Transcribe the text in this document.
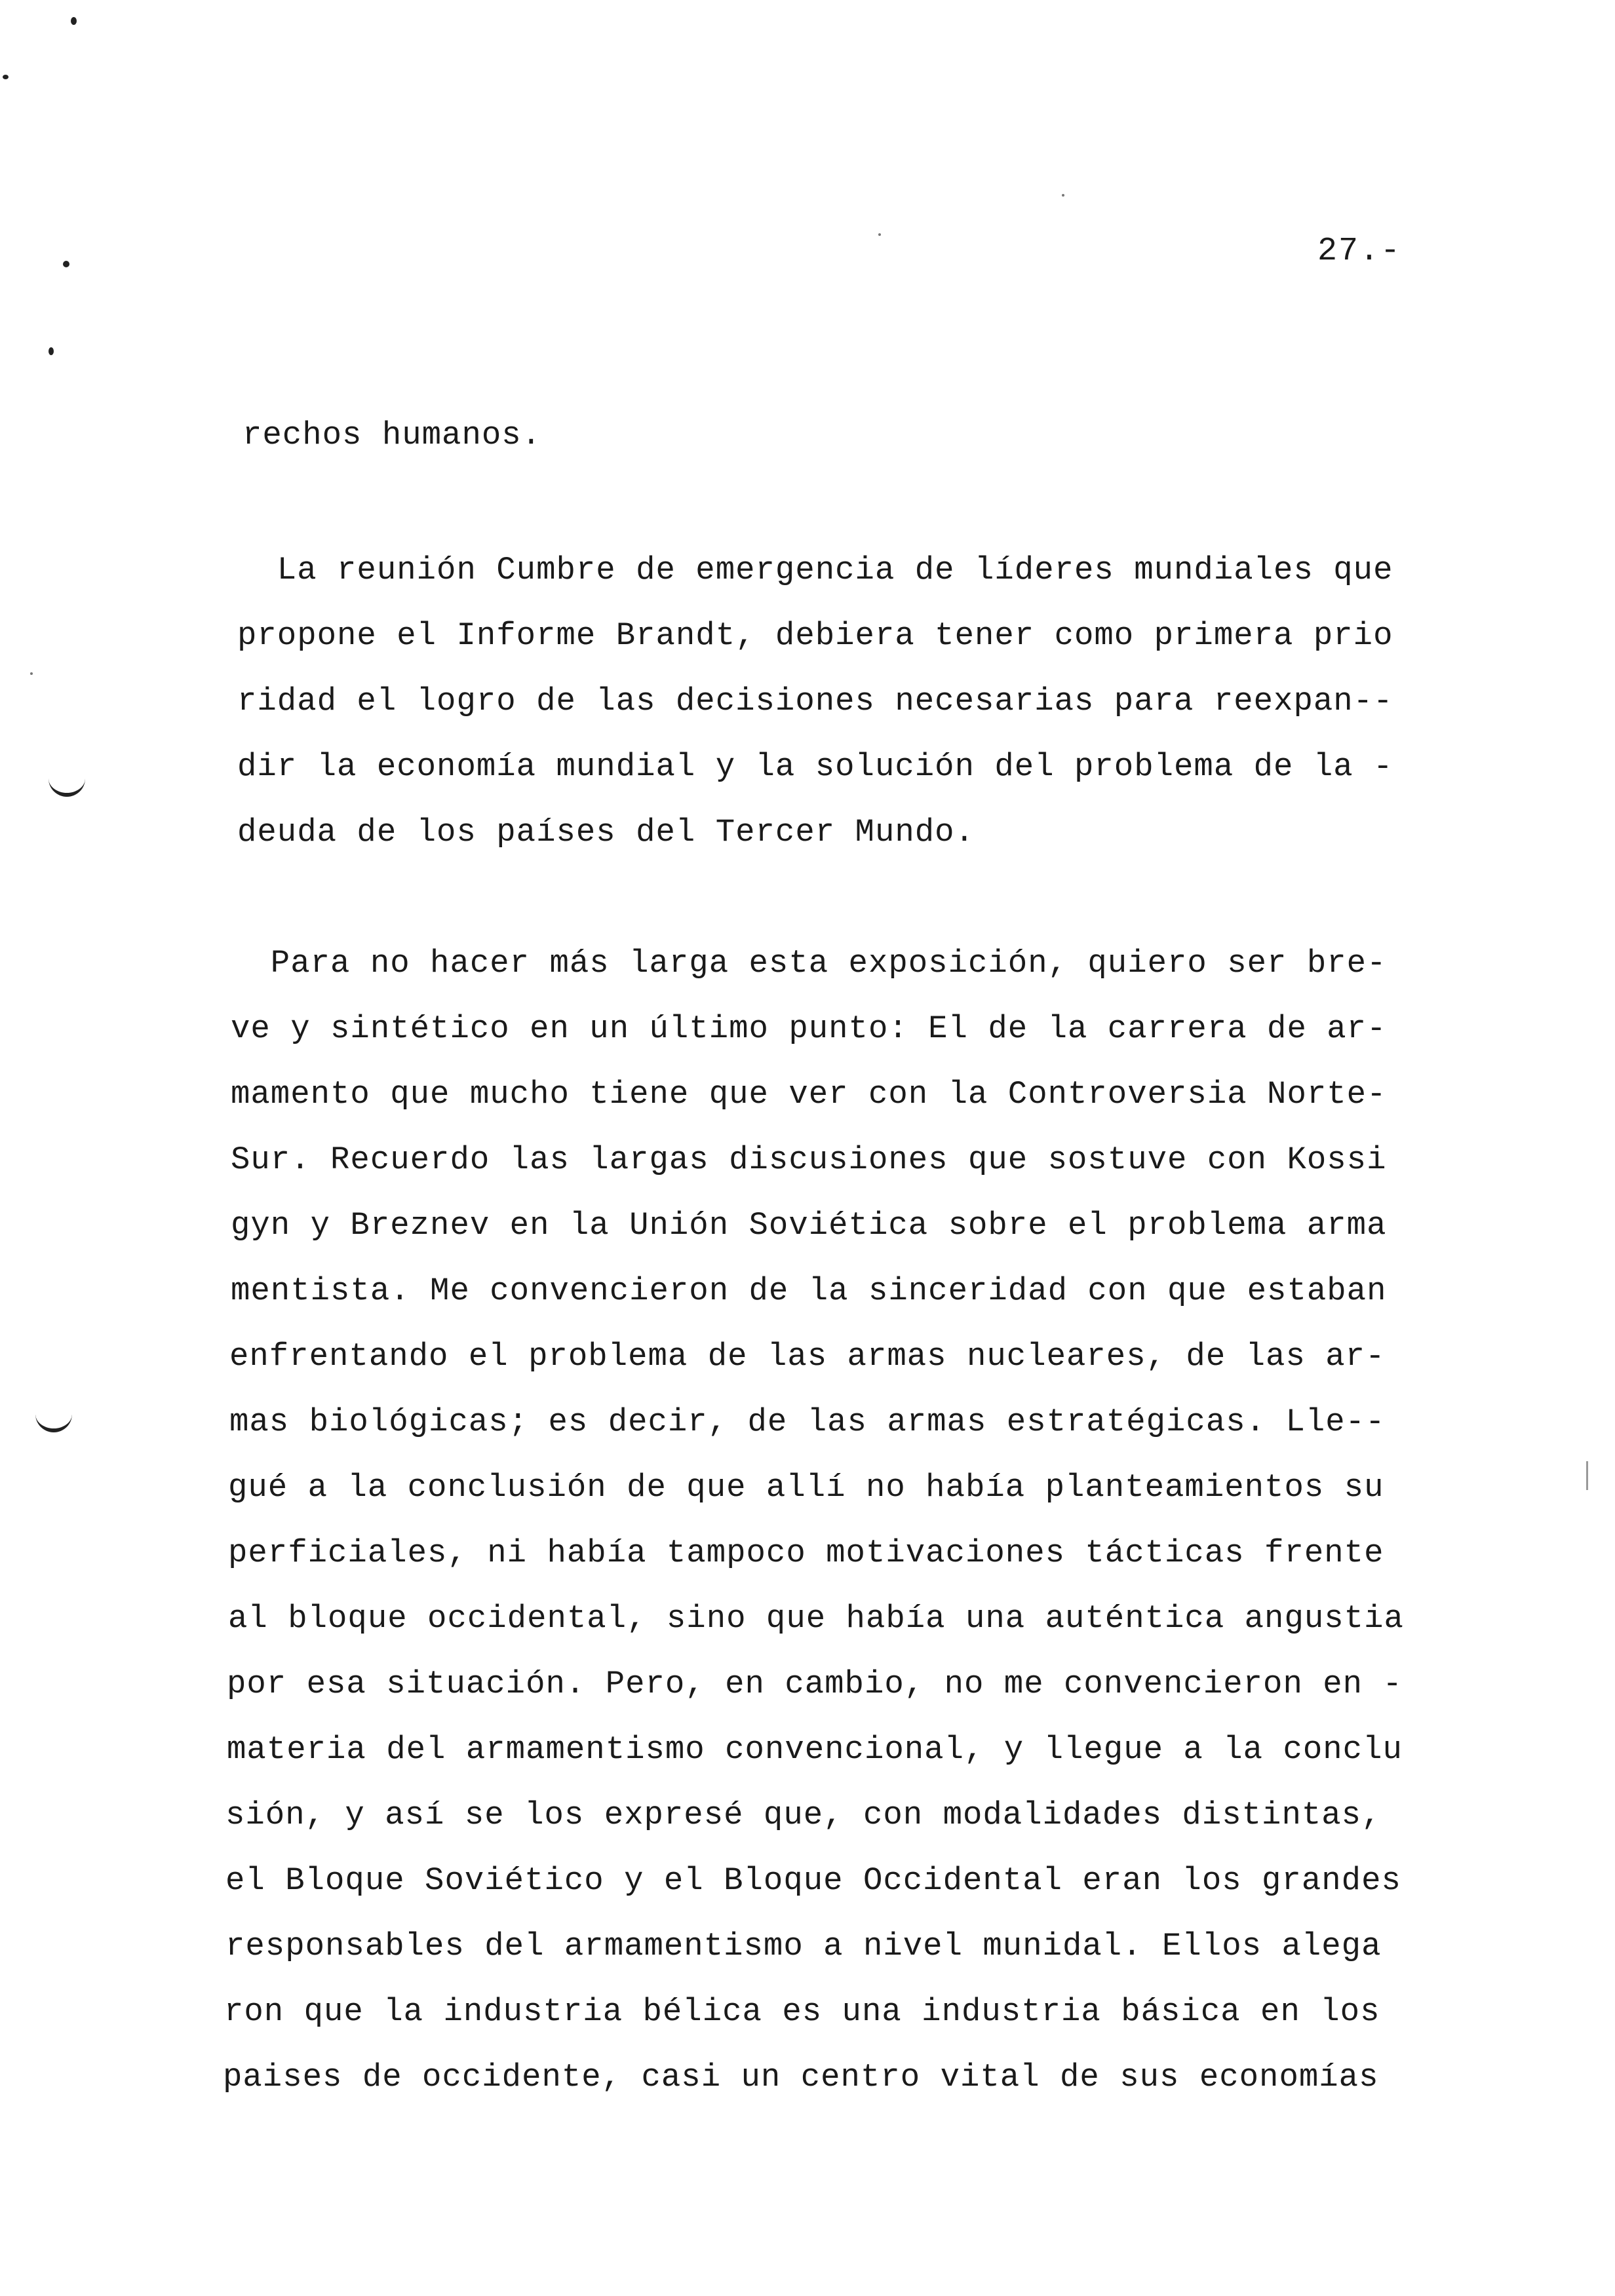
27.-
rechos humanos.
La reunión Cumbre de emergencia de líderes mundiales que
propone el Informe Brandt, debiera tener como primera prio
ridad el logro de las decisiones necesarias para reexpan--
dir la economía mundial y la solución del problema de la -
deuda de los países del Tercer Mundo.
Para no hacer más larga esta exposición, quiero ser bre-
ve y sintético en un último punto: El de la carrera de ar-
mamento que mucho tiene que ver con la Controversia Norte-
Sur. Recuerdo las largas discusiones que sostuve con Kossi
gyn y Breznev en la Unión Soviética sobre el problema arma
mentista. Me convencieron de la sinceridad con que estaban
enfrentando el problema de las armas nucleares, de las ar-
mas biológicas; es decir, de las armas estratégicas. Lle--
gué a la conclusión de que allí no había planteamientos su
perficiales, ni había tampoco motivaciones tácticas frente
al bloque occidental, sino que había una auténtica angustia
por esa situación. Pero, en cambio, no me convencieron en -
materia del armamentismo convencional, y llegue a la conclu
sión, y así se los expresé que, con modalidades distintas,
el Bloque Soviético y el Bloque Occidental eran los grandes
responsables del armamentismo a nivel munidal. Ellos alega
ron que la industria bélica es una industria básica en los
paises de occidente, casi un centro vital de sus economías
